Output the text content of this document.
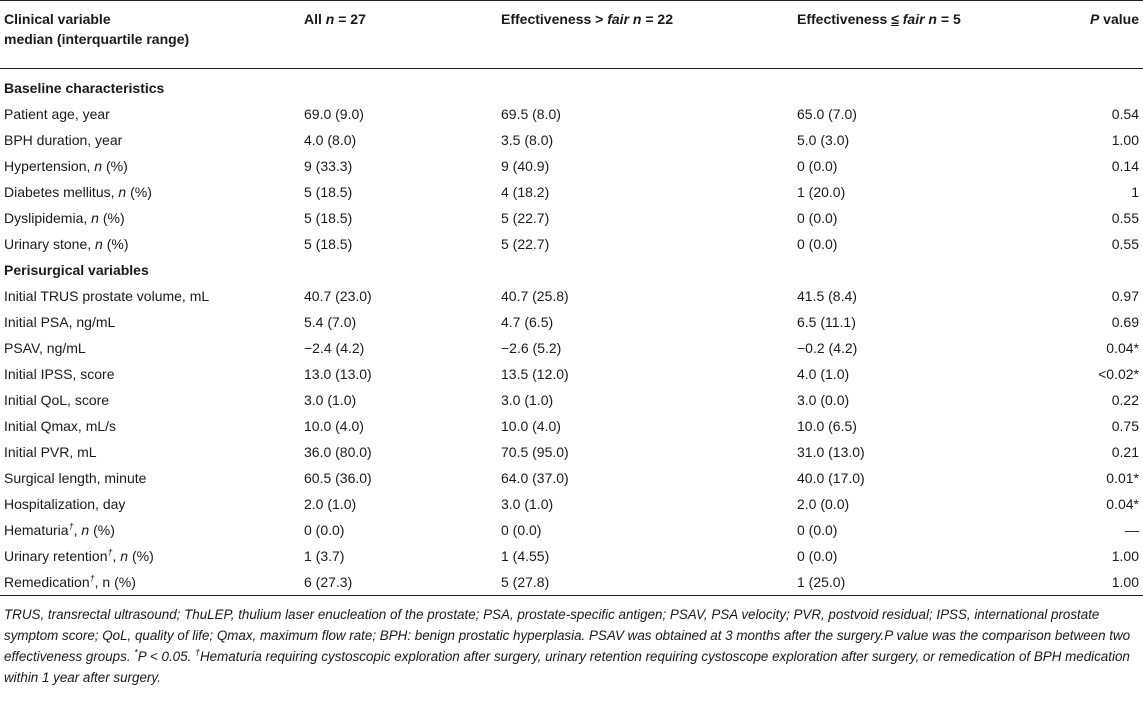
Clinical variable
median (interquartile range)	All n = 27	Effectiveness > fair n = 22	Effectiveness ≤ fair n = 5	P value
Baseline characteristics				
Patient age, year	69.0 (9.0)	69.5 (8.0)	65.0 (7.0)	0.54
BPH duration, year	4.0 (8.0)	3.5 (8.0)	5.0 (3.0)	1.00
Hypertension, n (%)	9 (33.3)	9 (40.9)	0 (0.0)	0.14
Diabetes mellitus, n (%)	5 (18.5)	4 (18.2)	1 (20.0)	1
Dyslipidemia, n (%)	5 (18.5)	5 (22.7)	0 (0.0)	0.55
Urinary stone, n (%)	5 (18.5)	5 (22.7)	0 (0.0)	0.55
Perisurgical variables				
Initial TRUS prostate volume, mL	40.7 (23.0)	40.7 (25.8)	41.5 (8.4)	0.97
Initial PSA, ng/mL	5.4 (7.0)	4.7 (6.5)	6.5 (11.1)	0.69
PSAV, ng/mL	−2.4 (4.2)	−2.6 (5.2)	−0.2 (4.2)	0.04*
Initial IPSS, score	13.0 (13.0)	13.5 (12.0)	4.0 (1.0)	<0.02*
Initial QoL, score	3.0 (1.0)	3.0 (1.0)	3.0 (0.0)	0.22
Initial Qmax, mL/s	10.0 (4.0)	10.0 (4.0)	10.0 (6.5)	0.75
Initial PVR, mL	36.0 (80.0)	70.5 (95.0)	31.0 (13.0)	0.21
Surgical length, minute	60.5 (36.0)	64.0 (37.0)	40.0 (17.0)	0.01*
Hospitalization, day	2.0 (1.0)	3.0 (1.0)	2.0 (0.0)	0.04*
Hematuria†, n (%)	0 (0.0)	0 (0.0)	0 (0.0)	—
Urinary retention†, n (%)	1 (3.7)	1 (4.55)	0 (0.0)	1.00
Remedication†, n (%)	6 (27.3)	5 (27.8)	1 (25.0)	1.00
TRUS, transrectal ultrasound; ThuLEP, thulium laser enucleation of the prostate; PSA, prostate-specific antigen; PSAV, PSA velocity; PVR, postvoid residual; IPSS, international prostate symptom score; QoL, quality of life; Qmax, maximum flow rate; BPH: benign prostatic hyperplasia. PSAV was obtained at 3 months after the surgery.P value was the comparison between two effectiveness groups. *P < 0.05. †Hematuria requiring cystoscopic exploration after surgery, urinary retention requiring cystoscope exploration after surgery, or remedication of BPH medication within 1 year after surgery.
